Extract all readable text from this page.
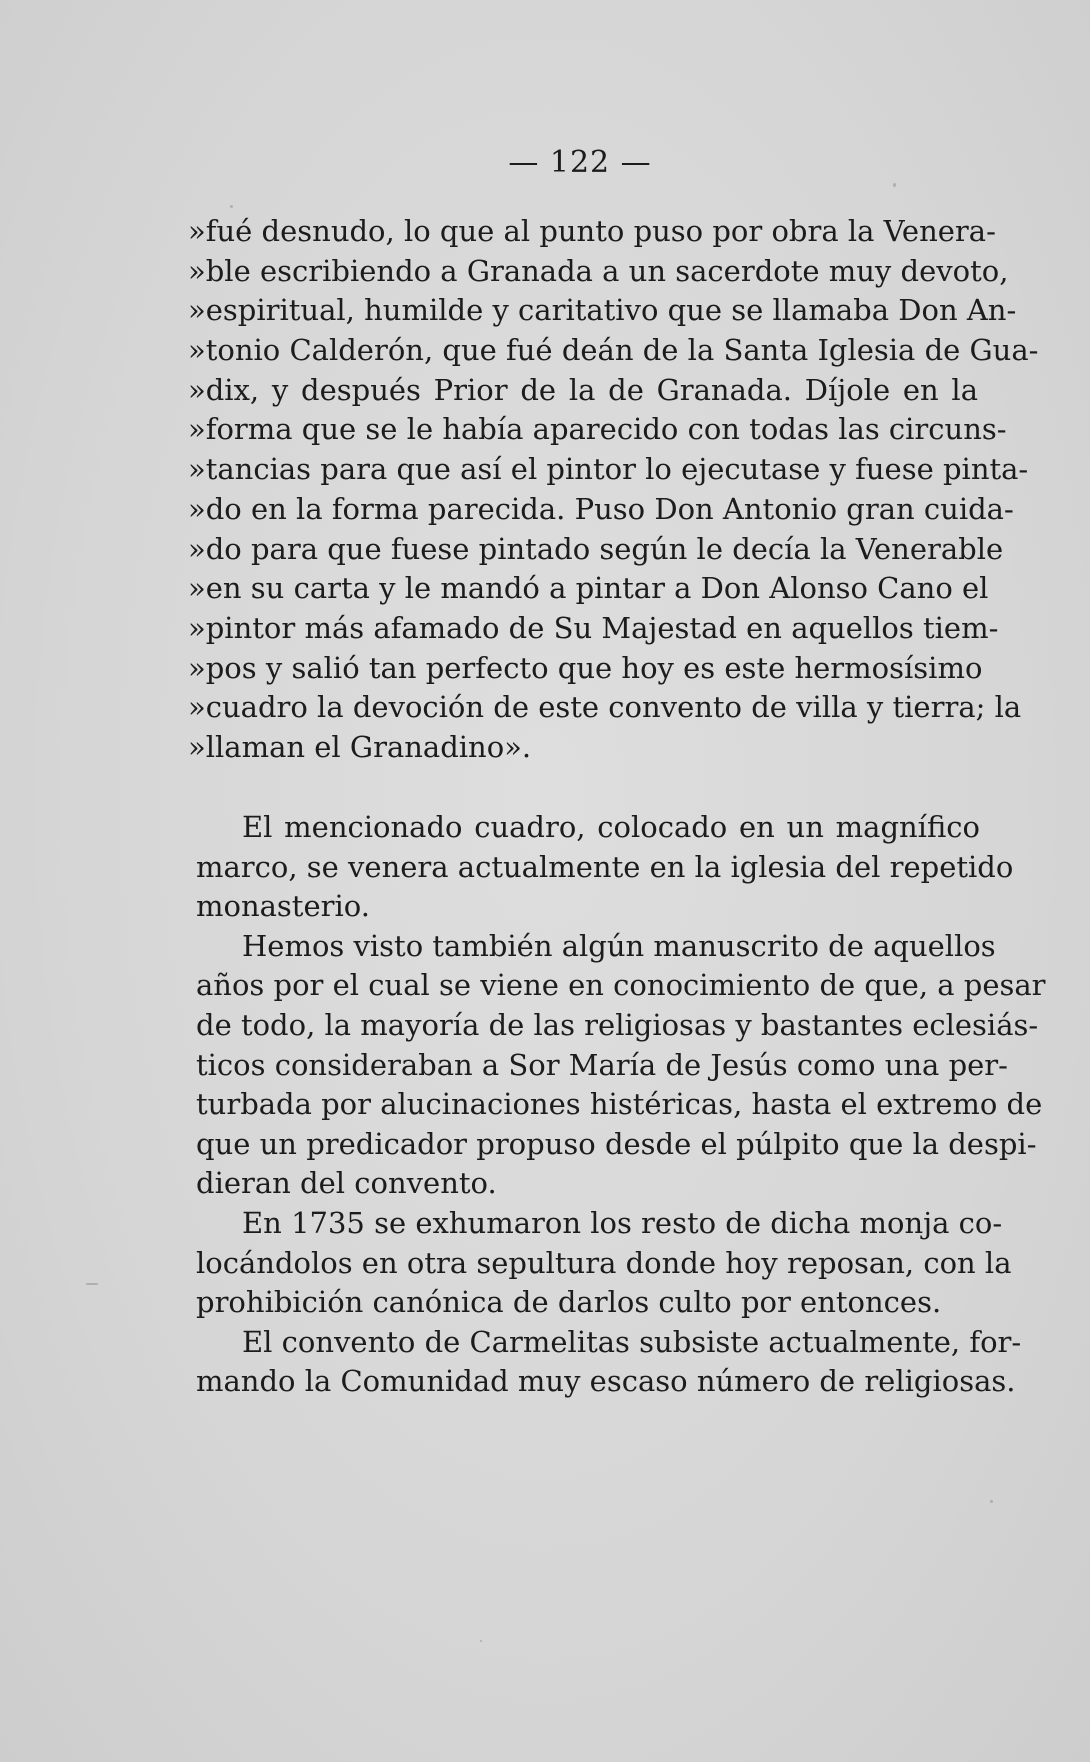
— 122 —
»fué desnudo, lo que al punto puso por obra la Venera-
»ble escribiendo a Granada a un sacerdote muy devoto,
»espiritual, humilde y caritativo que se llamaba Don An-
»tonio Calderón, que fué deán de la Santa Iglesia de Gua-
»dix, y después Prior de la de Granada. Díjole en la
»forma que se le había aparecido con todas las circuns-
»tancias para que así el pintor lo ejecutase y fuese pinta-
»do en la forma parecida. Puso Don Antonio gran cuida-
»do para que fuese pintado según le decía la Venerable
»en su carta y le mandó a pintar a Don Alonso Cano el
»pintor más afamado de Su Majestad en aquellos tiem-
»pos y salió tan perfecto que hoy es este hermosísimo
»cuadro la devoción de este convento de villa y tierra; la
»llaman el Granadino».
El mencionado cuadro, colocado en un magnífico
marco, se venera actualmente en la iglesia del repetido
monasterio.
Hemos visto también algún manuscrito de aquellos
años por el cual se viene en conocimiento de que, a pesar
de todo, la mayoría de las religiosas y bastantes eclesiás-
ticos consideraban a Sor María de Jesús como una per-
turbada por alucinaciones histéricas, hasta el extremo de
que un predicador propuso desde el púlpito que la despi-
dieran del convento.
En 1735 se exhumaron los resto de dicha monja co-
locándolos en otra sepultura donde hoy reposan, con la
prohibición canónica de darlos culto por entonces.
El convento de Carmelitas subsiste actualmente, for-
mando la Comunidad muy escaso número de religiosas.
